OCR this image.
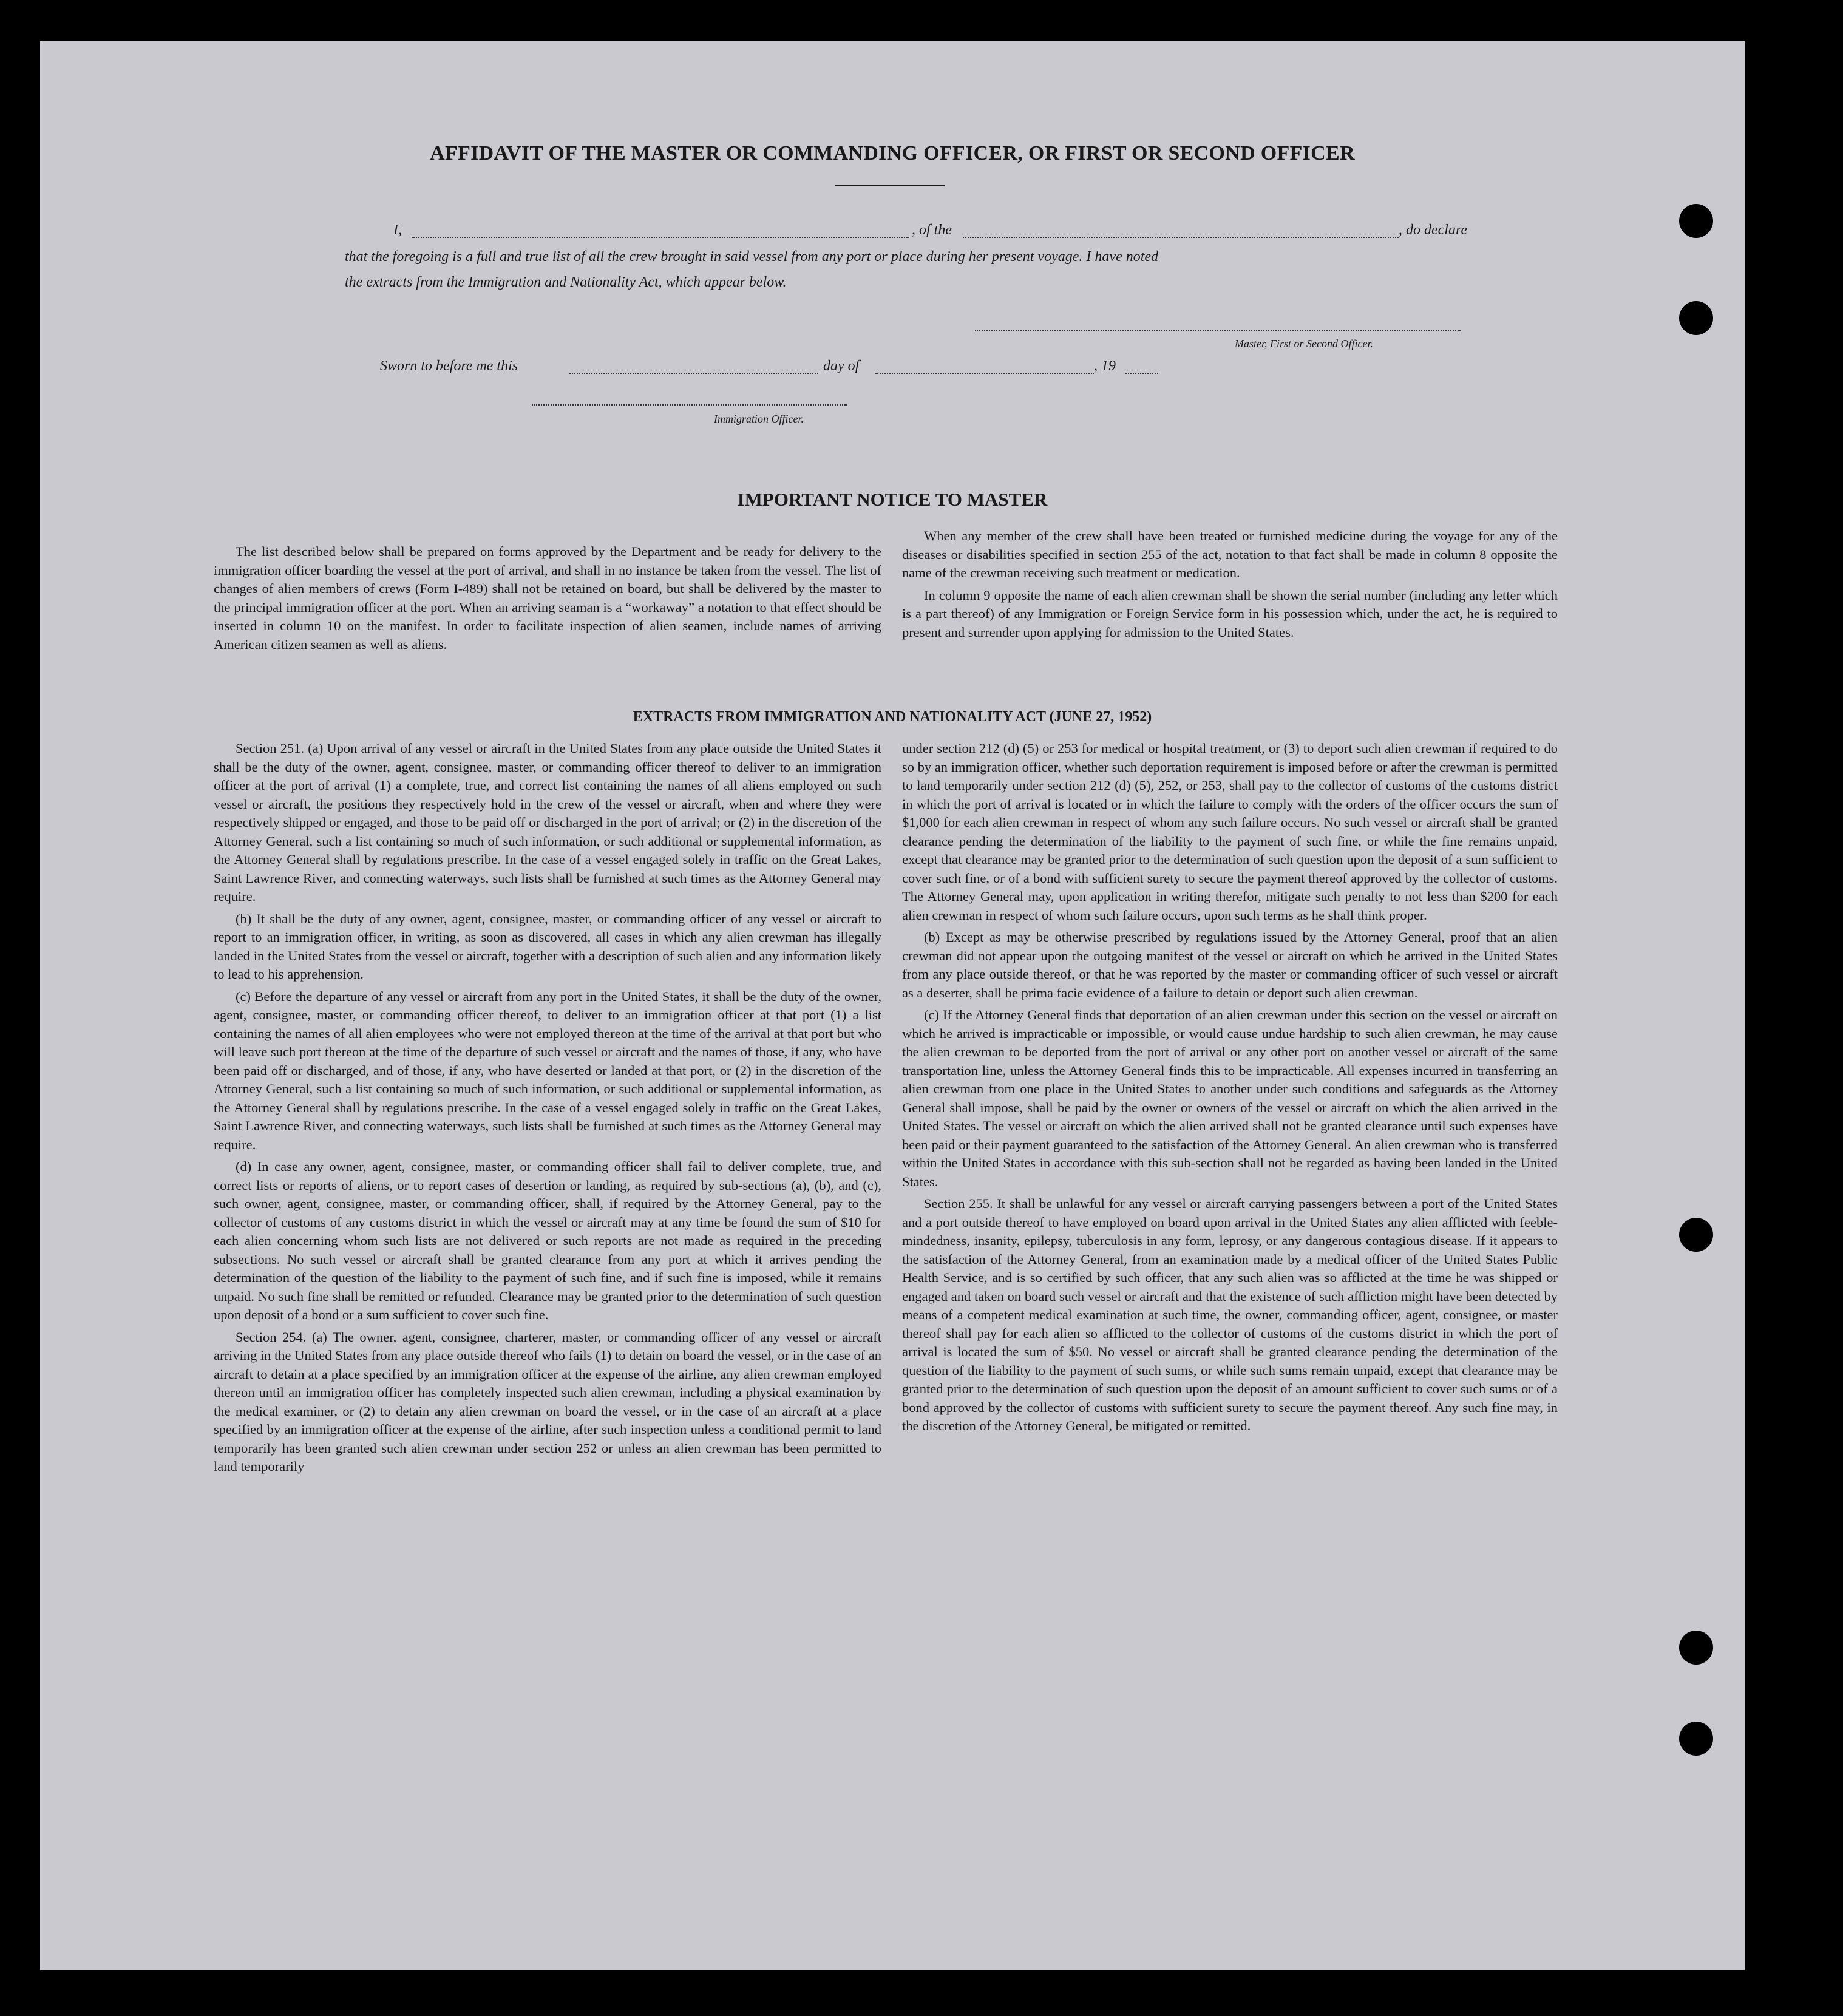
AFFIDAVIT OF THE MASTER OR COMMANDING OFFICER, OR FIRST OR SECOND OFFICER
I,	, of the	, do declare
that the foregoing is a full and true list of all the crew brought in said vessel from any port or place during her present voyage. I have noted
the extracts from the Immigration and Nationality Act, which appear below.
Master, First or Second Officer.
Sworn to before me this	day of	, 19
Immigration Officer.
IMPORTANT NOTICE TO MASTER

The list described below shall be prepared on forms approved by the Department and be ready for delivery to the immigration officer boarding the vessel at the port of arrival, and shall in no instance be taken from the vessel. The list of changes of alien members of crews (Form I-489) shall not be retained on board, but shall be delivered by the master to the principal immigration officer at the port. When an arriving seaman is a “workaway” a notation to that effect should be inserted in column 10 on the manifest. In order to facilitate inspection of alien seamen, include names of arriving American citizen seamen as well as aliens.

When any member of the crew shall have been treated or furnished medicine during the voyage for any of the diseases or disabilities specified in section 255 of the act, notation to that fact shall be made in column 8 opposite the name of the crewman receiving such treatment or medication.

In column 9 opposite the name of each alien crewman shall be shown the serial number (including any letter which is a part thereof) of any Immigration or Foreign Service form in his possession which, under the act, he is required to present and surrender upon applying for admission to the United States.

EXTRACTS FROM IMMIGRATION AND NATIONALITY ACT (JUNE 27, 1952)

Section 251. (a) Upon arrival of any vessel or aircraft in the United States from any place outside the United States it shall be the duty of the owner, agent, consignee, master, or commanding officer thereof to deliver to an immigration officer at the port of arrival (1) a complete, true, and correct list containing the names of all aliens employed on such vessel or aircraft, the positions they respectively hold in the crew of the vessel or aircraft, when and where they were respectively shipped or engaged, and those to be paid off or discharged in the port of arrival; or (2) in the discretion of the Attorney General, such a list containing so much of such information, or such additional or supplemental information, as the Attorney General shall by regulations prescribe. In the case of a vessel engaged solely in traffic on the Great Lakes, Saint Lawrence River, and connecting waterways, such lists shall be furnished at such times as the Attorney General may require.

(b) It shall be the duty of any owner, agent, consignee, master, or commanding officer of any vessel or aircraft to report to an immigration officer, in writing, as soon as discovered, all cases in which any alien crewman has illegally landed in the United States from the vessel or aircraft, together with a description of such alien and any information likely to lead to his apprehension.

(c) Before the departure of any vessel or aircraft from any port in the United States, it shall be the duty of the owner, agent, consignee, master, or commanding officer thereof, to deliver to an immigration officer at that port (1) a list containing the names of all alien employees who were not employed thereon at the time of the arrival at that port but who will leave such port thereon at the time of the departure of such vessel or aircraft and the names of those, if any, who have been paid off or discharged, and of those, if any, who have deserted or landed at that port, or (2) in the discretion of the Attorney General, such a list containing so much of such information, or such additional or supplemental information, as the Attorney General shall by regulations prescribe. In the case of a vessel engaged solely in traffic on the Great Lakes, Saint Lawrence River, and connecting waterways, such lists shall be furnished at such times as the Attorney General may require.

(d) In case any owner, agent, consignee, master, or commanding officer shall fail to deliver complete, true, and correct lists or reports of aliens, or to report cases of desertion or landing, as required by sub-sections (a), (b), and (c), such owner, agent, consignee, master, or commanding officer, shall, if required by the Attorney General, pay to the collector of customs of any customs district in which the vessel or aircraft may at any time be found the sum of $10 for each alien concerning whom such lists are not delivered or such reports are not made as required in the preceding subsections. No such vessel or aircraft shall be granted clearance from any port at which it arrives pending the determination of the question of the liability to the payment of such fine, and if such fine is imposed, while it remains unpaid. No such fine shall be remitted or refunded. Clearance may be granted prior to the determination of such question upon deposit of a bond or a sum sufficient to cover such fine.

Section 254. (a) The owner, agent, consignee, charterer, master, or commanding officer of any vessel or aircraft arriving in the United States from any place outside thereof who fails (1) to detain on board the vessel, or in the case of an aircraft to detain at a place specified by an immigration officer at the expense of the airline, any alien crewman employed thereon until an immigration officer has completely inspected such alien crewman, including a physical examination by the medical examiner, or (2) to detain any alien crewman on board the vessel, or in the case of an aircraft at a place specified by an immigration officer at the expense of the airline, after such inspection unless a conditional permit to land temporarily has been granted such alien crewman under section 252 or unless an alien crewman has been permitted to land temporarily

under section 212 (d) (5) or 253 for medical or hospital treatment, or (3) to deport such alien crewman if required to do so by an immigration officer, whether such deportation requirement is imposed before or after the crewman is permitted to land temporarily under section 212 (d) (5), 252, or 253, shall pay to the collector of customs of the customs district in which the port of arrival is located or in which the failure to comply with the orders of the officer occurs the sum of $1,000 for each alien crewman in respect of whom any such failure occurs. No such vessel or aircraft shall be granted clearance pending the determination of the liability to the payment of such fine, or while the fine remains unpaid, except that clearance may be granted prior to the determination of such question upon the deposit of a sum sufficient to cover such fine, or of a bond with sufficient surety to secure the payment thereof approved by the collector of customs. The Attorney General may, upon application in writing therefor, mitigate such penalty to not less than $200 for each alien crewman in respect of whom such failure occurs, upon such terms as he shall think proper.

(b) Except as may be otherwise prescribed by regulations issued by the Attorney General, proof that an alien crewman did not appear upon the outgoing manifest of the vessel or aircraft on which he arrived in the United States from any place outside thereof, or that he was reported by the master or commanding officer of such vessel or aircraft as a deserter, shall be prima facie evidence of a failure to detain or deport such alien crewman.

(c) If the Attorney General finds that deportation of an alien crewman under this section on the vessel or aircraft on which he arrived is impracticable or impossible, or would cause undue hardship to such alien crewman, he may cause the alien crewman to be deported from the port of arrival or any other port on another vessel or aircraft of the same transportation line, unless the Attorney General finds this to be impracticable. All expenses incurred in transferring an alien crewman from one place in the United States to another under such conditions and safeguards as the Attorney General shall impose, shall be paid by the owner or owners of the vessel or aircraft on which the alien arrived in the United States. The vessel or aircraft on which the alien arrived shall not be granted clearance until such expenses have been paid or their payment guaranteed to the satisfaction of the Attorney General. An alien crewman who is transferred within the United States in accordance with this sub-section shall not be regarded as having been landed in the United States.

Section 255. It shall be unlawful for any vessel or aircraft carrying passengers between a port of the United States and a port outside thereof to have employed on board upon arrival in the United States any alien afflicted with feeble-mindedness, insanity, epilepsy, tuberculosis in any form, leprosy, or any dangerous contagious disease. If it appears to the satisfaction of the Attorney General, from an examination made by a medical officer of the United States Public Health Service, and is so certified by such officer, that any such alien was so afflicted at the time he was shipped or engaged and taken on board such vessel or aircraft and that the existence of such affliction might have been detected by means of a competent medical examination at such time, the owner, commanding officer, agent, consignee, or master thereof shall pay for each alien so afflicted to the collector of customs of the customs district in which the port of arrival is located the sum of $50. No vessel or aircraft shall be granted clearance pending the determination of the question of the liability to the payment of such sums, or while such sums remain unpaid, except that clearance may be granted prior to the determination of such question upon the deposit of an amount sufficient to cover such sums or of a bond approved by the collector of customs with sufficient surety to secure the payment thereof. Any such fine may, in the discretion of the Attorney General, be mitigated or remitted.
